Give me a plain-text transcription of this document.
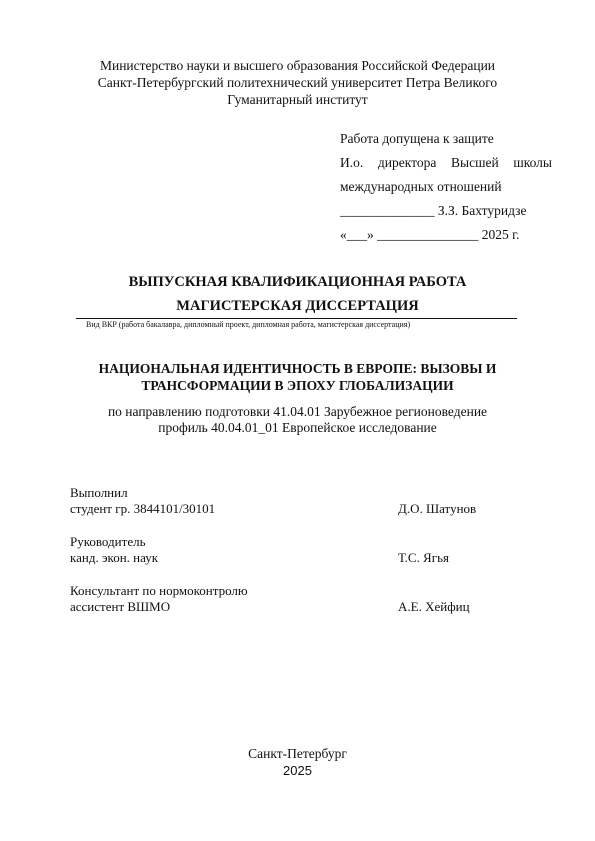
Министерство науки и высшего образования Российской Федерации
Санкт-Петербургский политехнический университет Петра Великого
Гуманитарный институт
Работа допущена к защите
И.о. директора Высшей школы
международных отношений
______________ З.З. Бахтуридзе
«___» _______________ 2025 г.
ВЫПУСКНАЯ КВАЛИФИКАЦИОННАЯ РАБОТА
МАГИСТЕРСКАЯ ДИССЕРТАЦИЯ
Вид ВКР (работа бакалавра, дипломный проект, дипломная работа, магистерская диссертация)
НАЦИОНАЛЬНАЯ ИДЕНТИЧНОСТЬ В ЕВРОПЕ: ВЫЗОВЫ И
ТРАНСФОРМАЦИИ В ЭПОХУ ГЛОБАЛИЗАЦИИ
по направлению подготовки 41.04.01 Зарубежное регионоведение
профиль 40.04.01_01 Европейское исследование
Выполнил
студент гр. 3844101/30101	Д.О. Шатунов
Руководитель
канд. экон. наук	Т.С. Ягья
Консультант по нормоконтролю
ассистент ВШМО	А.Е. Хейфиц
Санкт-Петербург
2025
